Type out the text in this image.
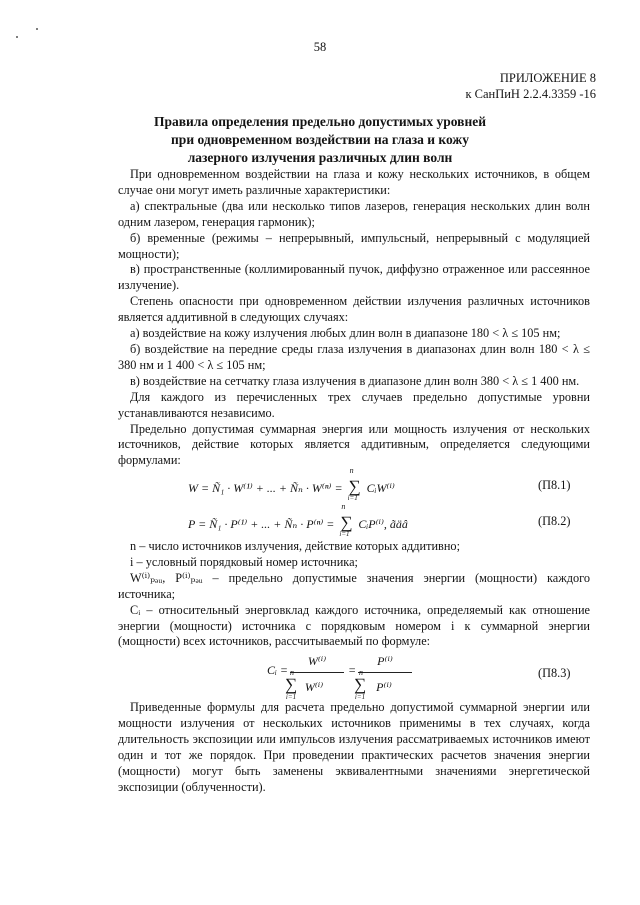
58
ПРИЛОЖЕНИЕ 8
к СанПиН 2.2.4.3359 -16
Правила определения предельно допустимых уровней
при одновременном воздействии на глаза и кожу
лазерного излучения различных длин волн

При одновременном воздействии на глаза и кожу нескольких источников, в общем случае они могут иметь различные характеристики:

а) спектральные (два или несколько типов лазеров, генерация нескольких длин волн одним лазером, генерация гармоник);

б) временные (режимы – непрерывный, импульсный, непрерывный с модуляцией мощности);

в) пространственные (коллимированный пучок, диффузно отраженное или рассеянное излучение).

Степень опасности при одновременном действии излучения различных источников является аддитивной в следующих случаях:

а) воздействие на кожу излучения любых длин волн в диапазоне 180 < λ ≤ 105 нм;

б) воздействие на передние среды глаза излучения в диапазонах длин волн 180 < λ ≤ 380 нм и 1 400 < λ ≤ 105 нм;

в) воздействие на сетчатку глаза излучения в диапазоне длин волн 380 < λ ≤ 1 400 нм.

Для каждого из перечисленных трех случаев предельно допустимые уровни устанавливаются независимо.

Предельно допустимая суммарная энергия или мощность излучения от нескольких источников, действие которых является аддитивным, определяется следующими формулами:

W = Ñ₁ · W⁽¹⁾ + ... + Ñₙ · W⁽ⁿ⁾ =
n
∑
i=1
CᵢW⁽ⁱ⁾	(П8.1)
P = Ñ₁ · P⁽¹⁾ + ... + Ñₙ · P⁽ⁿ⁾ =
n
∑
i=1
CᵢP⁽ⁱ⁾, ãäâ	(П8.2)

n – число источников излучения, действие которых аддитивно;

i – условный порядковый номер источника;

W⁽ⁱ⁾ₚₔᵤ, P⁽ⁱ⁾ₚₔᵤ – предельно допустимые значения энергии (мощности) каждого источника;

Cᵢ – относительный энерговклад каждого источника, определяемый как отношение энергии (мощности) источника с порядковым номером i к суммарной энергии (мощности) всех источников, рассчитываемый по формуле:

Cᵢ =
W⁽ⁱ⁾
n
∑ W⁽ⁱ⁾
i=1
=
P⁽ⁱ⁾
n
∑ P⁽ⁱ⁾
i=1
(П8.3)
Приведенные формулы для расчета предельно допустимой суммарной энергии или мощности излучения от нескольких источников применимы в тех случаях, когда длительность экспозиции или импульсов излучения рассматриваемых источников имеют один и тот же порядок. При проведении практических расчетов значения энергии (мощности) могут быть заменены эквивалентными значениями энергетической экспозиции (облученности).
